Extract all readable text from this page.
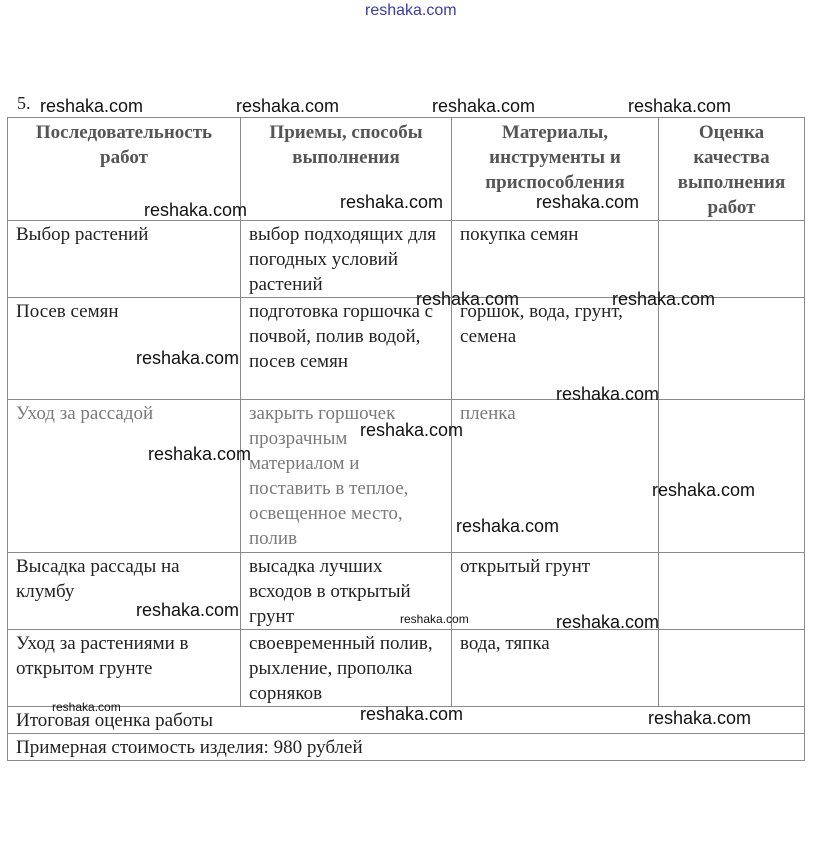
reshaka.com
5.
Последовательность работ	Приемы, способы выполнения	Материалы, инструменты и приспособления	Оценка качества выполнения работ
Выбор растений	выбор подходящих для погодных условий растений	покупка семян	
Посев семян	подготовка горшочка с почвой, полив водой, посев семян	горшок, вода, грунт, семена	
Уход за рассадой	закрыть горшочек прозрачным материалом и поставить в теплое, освещенное место, полив	пленка	
Высадка рассады на клумбу	высадка лучших всходов в открытый грунт	открытый грунт	
Уход за растениями в открытом грунте	своевременный полив, рыхление, прополка сорняков	вода, тяпка	
Итоговая оценка работы			
Примерная стоимость изделия: 980 рублей			
reshaka.com	reshaka.com	reshaka.com	reshaka.com
reshaka.com	reshaka.com	reshaka.com
reshaka.com	reshaka.com
reshaka.com
reshaka.com
reshaka.com
reshaka.com
reshaka.com
reshaka.com
reshaka.com	reshaka.com	reshaka.com
reshaka.com	reshaka.com	reshaka.com
